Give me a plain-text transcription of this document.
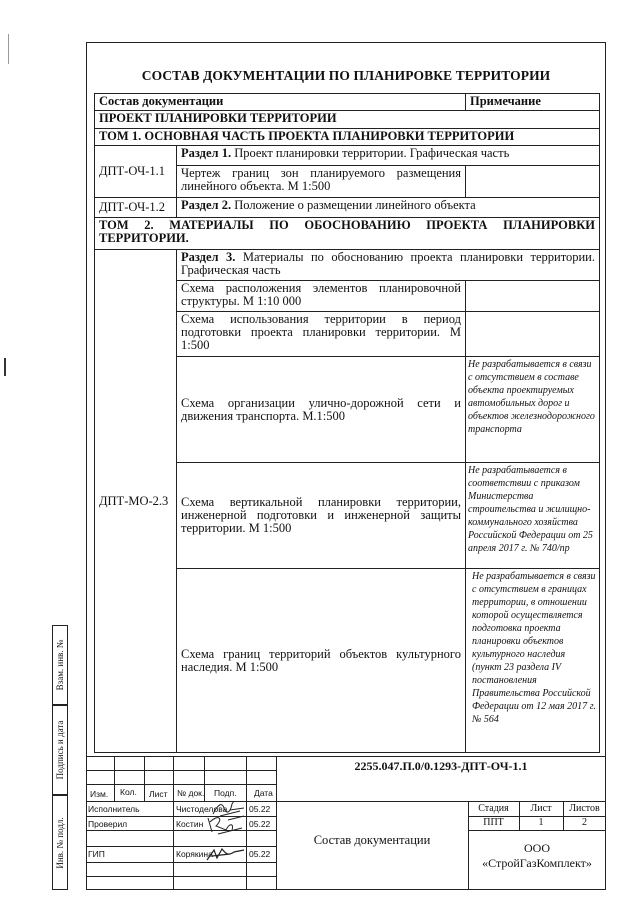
Взам. инв. №
Подпись и дата
Инв. № подл.
СОСТАВ ДОКУМЕНТАЦИИ ПО ПЛАНИРОВКЕ ТЕРРИТОРИИ
Состав документации		Примечание
ПРОЕКТ ПЛАНИРОВКИ ТЕРРИТОРИИ		
ТОМ 1. ОСНОВНАЯ ЧАСТЬ ПРОЕКТА ПЛАНИРОВКИ ТЕРРИТОРИИ		
ДПТ-ОЧ-1.1	Раздел 1. Проект планировки территории. Графическая часть	
	Чертеж границ зон планируемого размещения линейного объекта. М 1:500	
ДПТ-ОЧ-1.2	Раздел 2. Положение о размещении линейного объекта	
ТОМ 2. МАТЕРИАЛЫ ПО ОБОСНОВАНИЮ ПРОЕКТА ПЛАНИРОВКИ ТЕРРИТОРИИ.		
ДПТ-МО-2.3	Раздел 3. Материалы по обоснованию проекта планировки территории. Графическая часть	
	Схема расположения элементов планировочной структуры. М 1:10 000	
	Схема использования территории в период подготовки проекта планировки территории. М 1:500	
	Схема организации улично-дорожной сети и движения транспорта. М.1:500	Не разрабатывается в связи с отсутствием в составе объекта проектируемых автомобильных дорог и объектов железнодорожного транспорта
	Схема вертикальной планировки территории, инженерной подготовки и инженерной защиты территории. М 1:500	Не разрабатывается в соответствии с приказом Министерства строительства и жилищно-коммунального хозяйства Российской Федерации от 25 апреля 2017 г. № 740/пр
	Схема границ территорий объектов культурного наследия. М 1:500	Не разрабатывается в связи с отсутствием в границах территории, в отношении которой осуществляется подготовка проекта планировки объектов культурного наследия (пункт 23 раздела IV постановления Правительства Российской Федерации от 12 мая 2017 г. № 564
2255.047.П.0/0.1293-ДПТ-ОЧ-1.1
Изм. Кол. Лист № док. Подп. Дата
Исполнитель	Чистоделова	05.22
Проверил	Костин	05.22
ГИП	Корякина	05.22
Состав документации
Стадия	Лист	Листов
ППТ	1	2
ООО
«СтройГазКомплект»
